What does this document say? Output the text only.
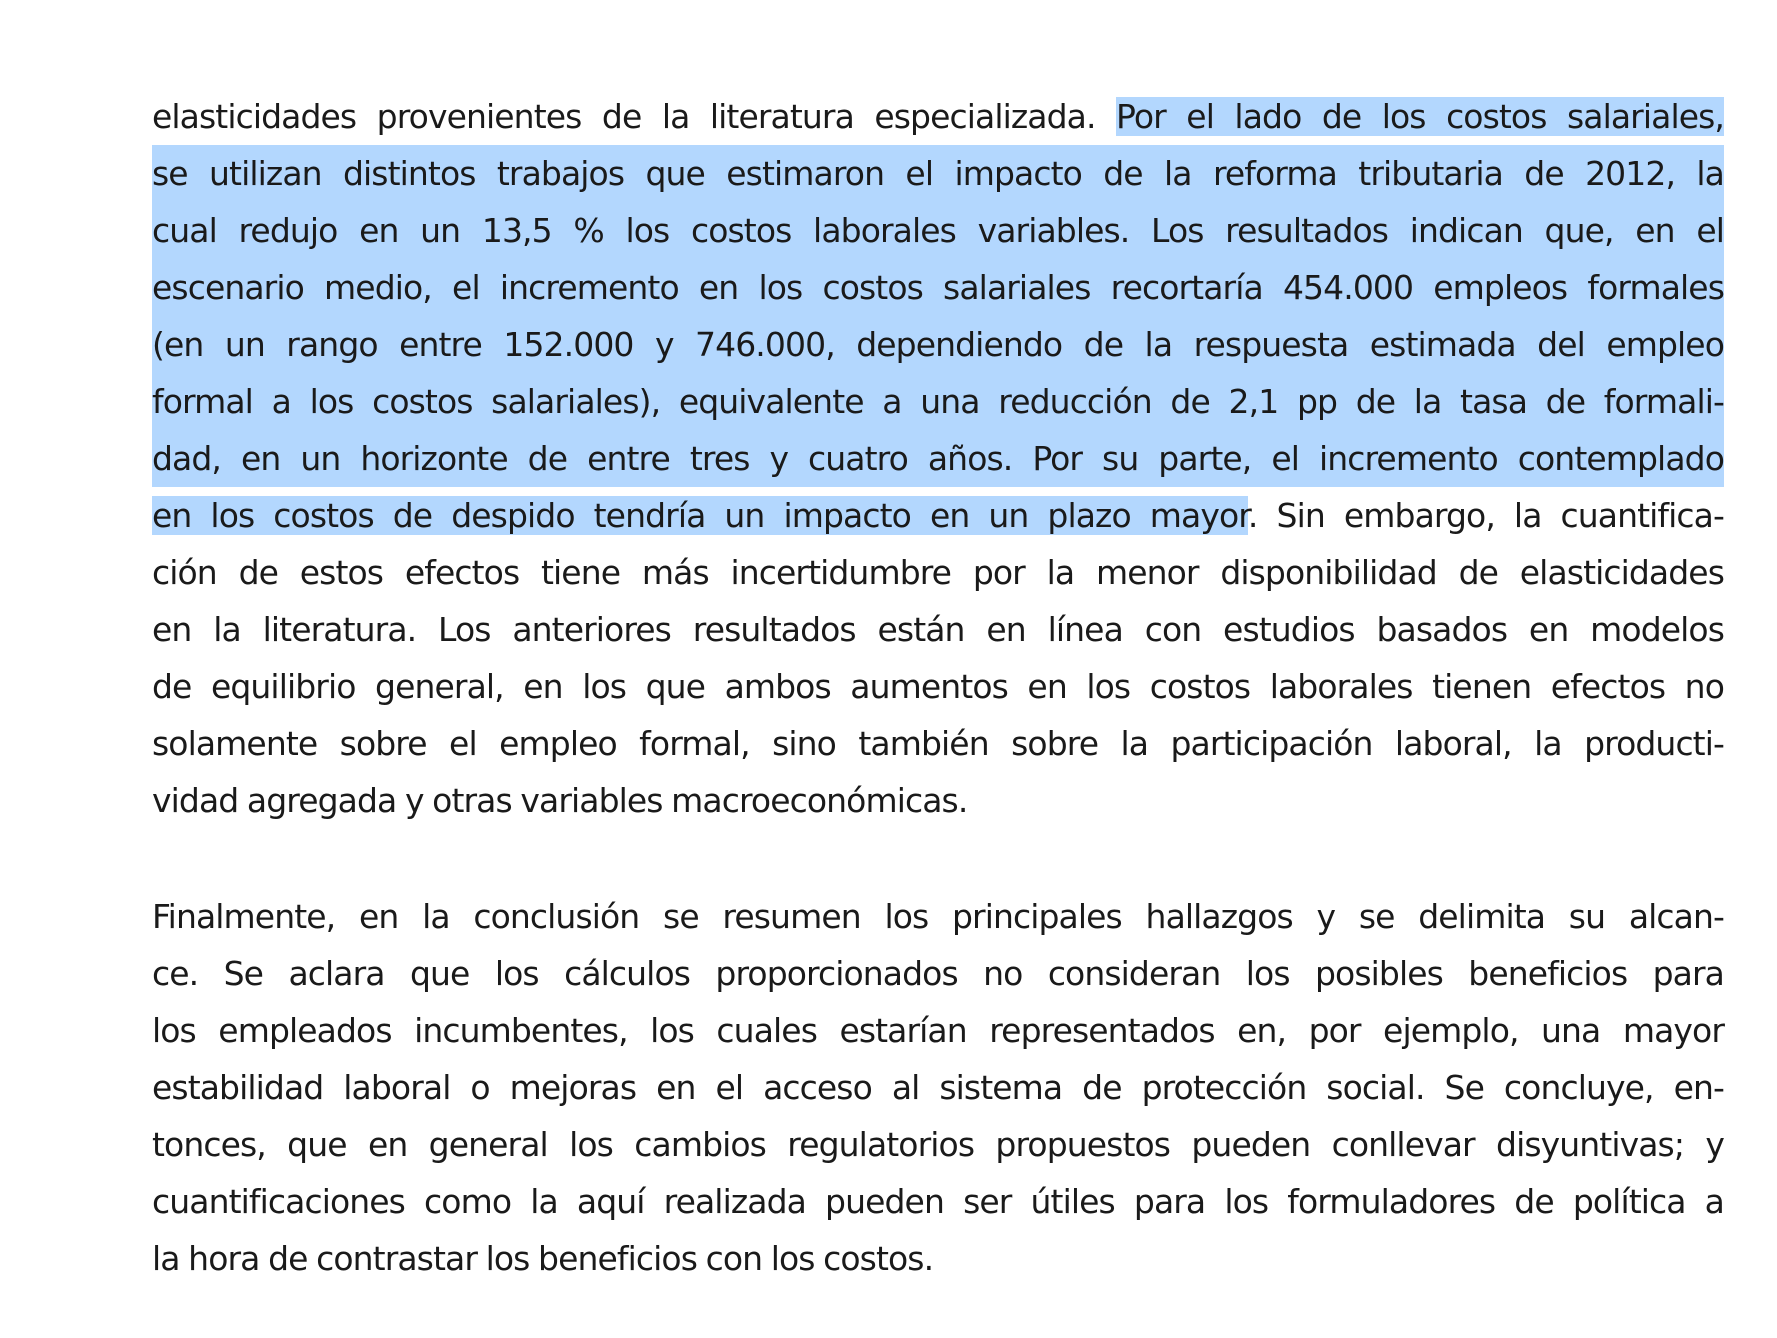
elasticidades provenientes de la literatura especializada. Por el lado de los costos salariales,
se utilizan distintos trabajos que estimaron el impacto de la reforma tributaria de 2012, la
cual redujo en un 13,5 % los costos laborales variables. Los resultados indican que, en el
escenario medio, el incremento en los costos salariales recortaría 454.000 empleos formales
(en un rango entre 152.000 y 746.000, dependiendo de la respuesta estimada del empleo
formal a los costos salariales), equivalente a una reducción de 2,1 pp de la tasa de formali-
dad, en un horizonte de entre tres y cuatro años. Por su parte, el incremento contemplado
en los costos de despido tendría un impacto en un plazo mayor. Sin embargo, la cuantifica-
ción de estos efectos tiene más incertidumbre por la menor disponibilidad de elasticidades
en la literatura. Los anteriores resultados están en línea con estudios basados en modelos
de equilibrio general, en los que ambos aumentos en los costos laborales tienen efectos no
solamente sobre el empleo formal, sino también sobre la participación laboral, la producti-
vidad agregada y otras variables macroeconómicas.
Finalmente, en la conclusión se resumen los principales hallazgos y se delimita su alcan-
ce. Se aclara que los cálculos proporcionados no consideran los posibles beneficios para
los empleados incumbentes, los cuales estarían representados en, por ejemplo, una mayor
estabilidad laboral o mejoras en el acceso al sistema de protección social. Se concluye, en-
tonces, que en general los cambios regulatorios propuestos pueden conllevar disyuntivas; y
cuantificaciones como la aquí realizada pueden ser útiles para los formuladores de política a
la hora de contrastar los beneficios con los costos.
